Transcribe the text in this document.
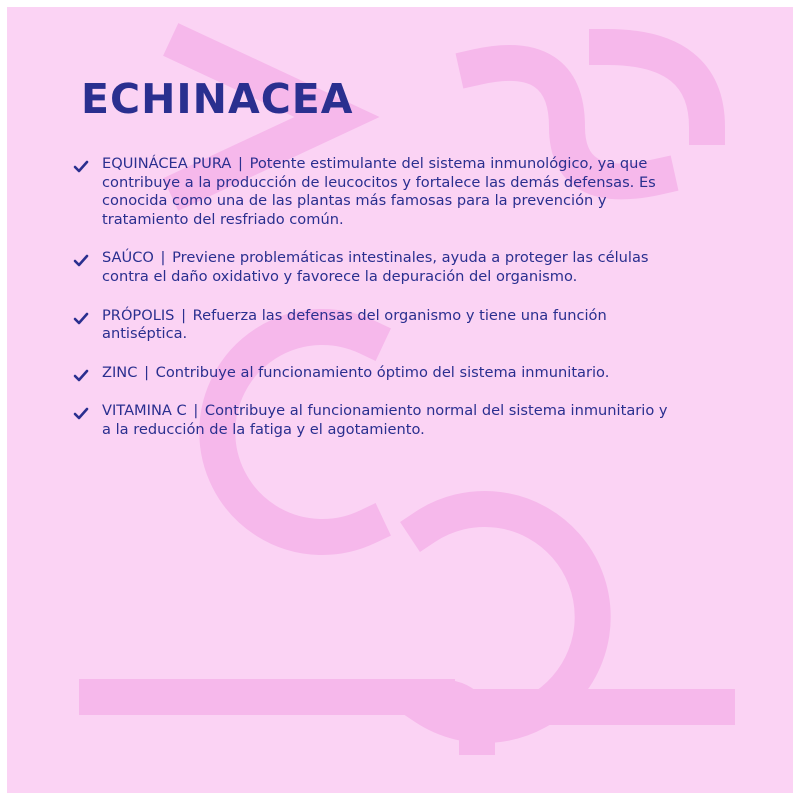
ECHINACEA
EQUINÁCEA PURA | Potente estimulante del sistema inmunológico, ya que contribuye a la producción de leucocitos y fortalece las demás defensas. Es conocida como una de las plantas más famosas para la prevención y tratamiento del resfriado común.
SAÚCO | Previene problemáticas intestinales, ayuda a proteger las células contra el daño oxidativo y favorece la depuración del organismo.
PRÓPOLIS | Refuerza las defensas del organismo y tiene una función antiséptica.
ZINC | Contribuye al funcionamiento óptimo del sistema inmunitario.
VITAMINA C | Contribuye al funcionamiento normal del sistema inmunitario y a la reducción de la fatiga y el agotamiento.
